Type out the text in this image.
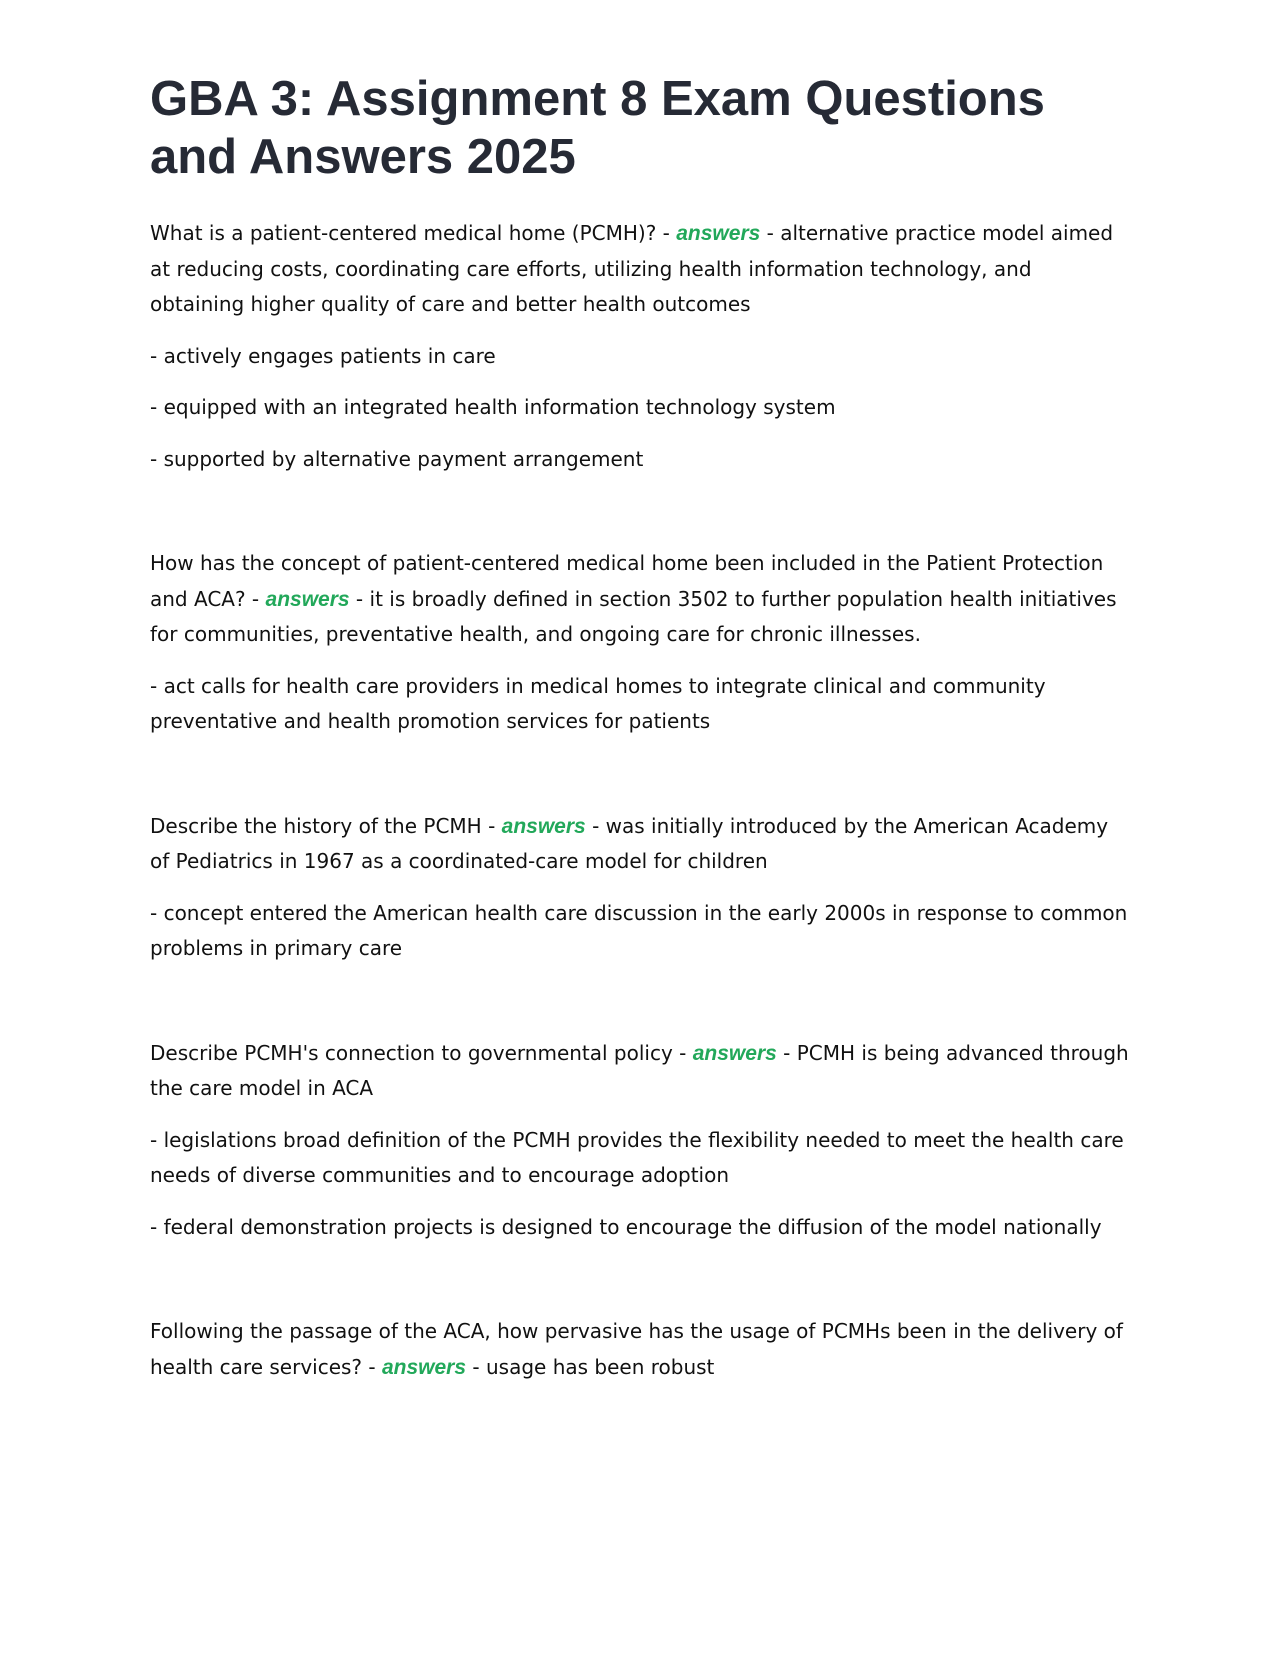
GBA 3: Assignment 8 Exam Questions and Answers 2025

What is a patient-centered medical home (PCMH)? - answers - alternative practice model aimed at reducing costs, coordinating care efforts, utilizing health information technology, and obtaining higher quality of care and better health outcomes

- actively engages patients in care

- equipped with an integrated health information technology system

- supported by alternative payment arrangement

How has the concept of patient-centered medical home been included in the Patient Protection and ACA? - answers - it is broadly defined in section 3502 to further population health initiatives for communities, preventative health, and ongoing care for chronic illnesses.

- act calls for health care providers in medical homes to integrate clinical and community preventative and health promotion services for patients

Describe the history of the PCMH - answers - was initially introduced by the American Academy of Pediatrics in 1967 as a coordinated-care model for children

- concept entered the American health care discussion in the early 2000s in response to common problems in primary care

Describe PCMH's connection to governmental policy - answers - PCMH is being advanced through the care model in ACA

- legislations broad definition of the PCMH provides the flexibility needed to meet the health care needs of diverse communities and to encourage adoption

- federal demonstration projects is designed to encourage the diffusion of the model nationally

Following the passage of the ACA, how pervasive has the usage of PCMHs been in the delivery of health care services? - answers - usage has been robust
